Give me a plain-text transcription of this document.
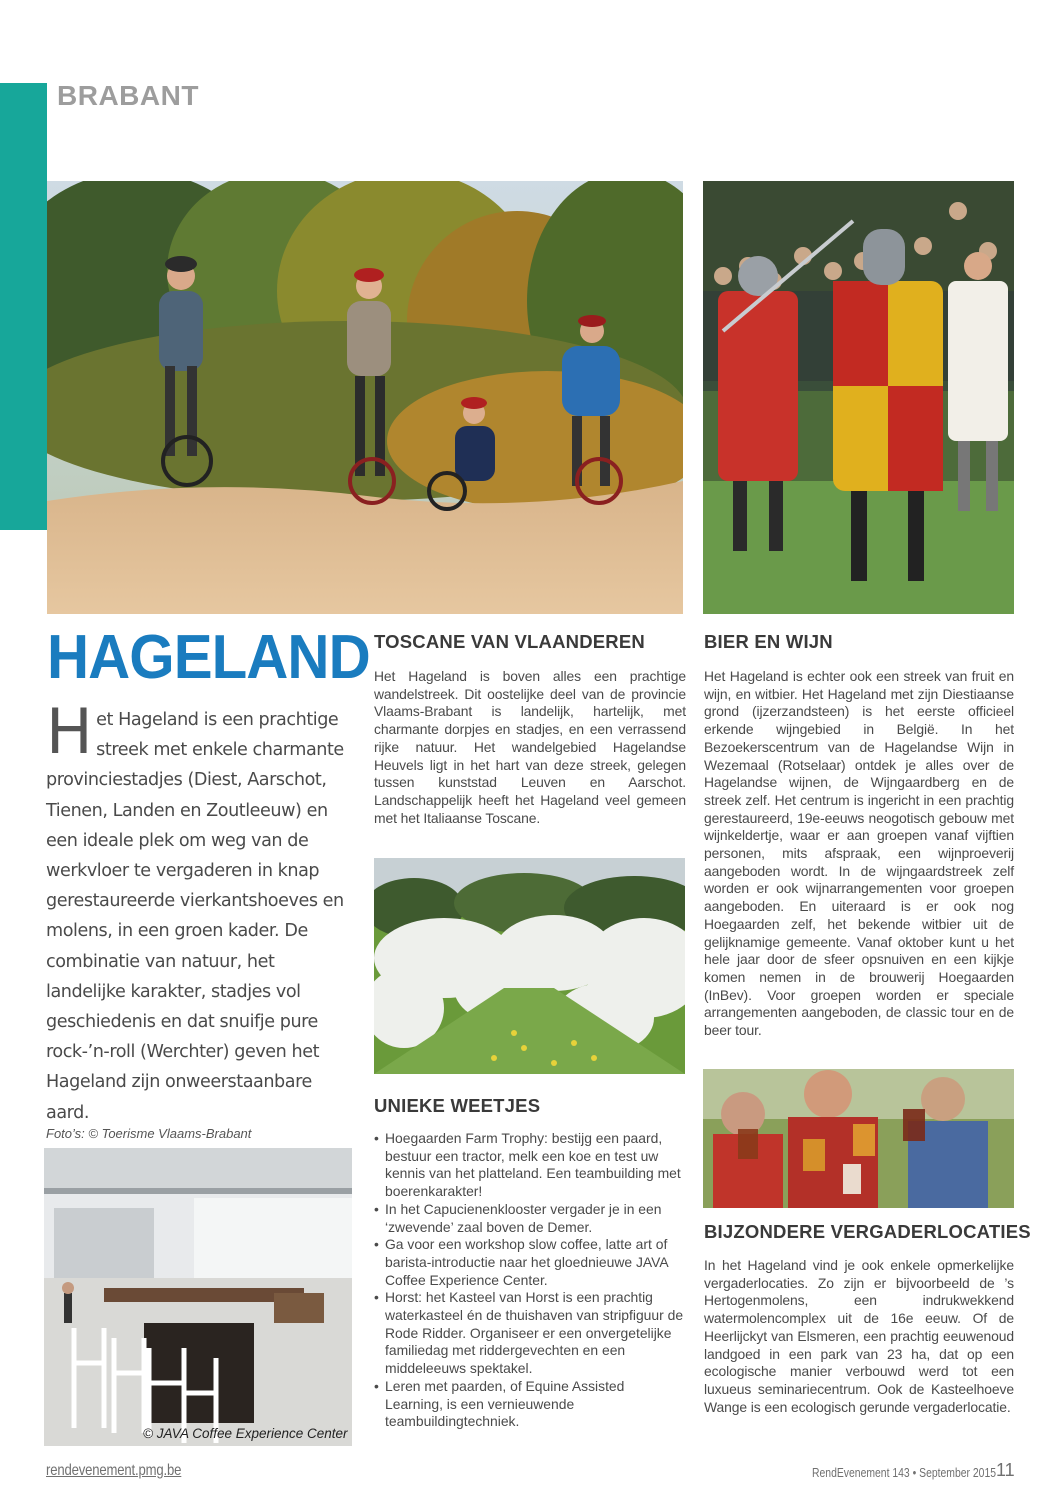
BRABANT
HAGELAND
Het Hageland is een prachtige streek met enkele charmante provinciestadjes (Diest, Aarschot, Tienen, Landen en Zoutleeuw) en een ideale plek om weg van de werkvloer te vergaderen in knap gerestaureerde vierkantshoeves en molens, in een groen kader. De combinatie van natuur, het landelijke karakter, stadjes vol geschiedenis en dat snuifje pure rock-’n-roll (Werchter) geven het Hageland zijn onweerstaanbare aard.
Foto’s: © Toerisme Vlaams-Brabant
© JAVA Coffee Experience Center
TOSCANE VAN VLAANDEREN
Het Hageland is boven alles een prachtige wandelstreek. Dit oostelijke deel van de provincie Vlaams-Brabant is landelijk, hartelijk, met charmante dorpjes en stadjes, en een verrassend rijke natuur. Het wandelgebied Hagelandse Heuvels ligt in het hart van deze streek, gelegen tussen kunststad Leuven en Aarschot. Landschappelijk heeft het Hageland veel gemeen met het Italiaanse Toscane.
UNIEKE WEETJES
• Hoegaarden Farm Trophy: bestijg een paard, bestuur een tractor, melk een koe en test uw kennis van het platteland. Een teambuilding met boerenkarakter!
• In het Capucienenklooster vergader je in een ‘zwevende’ zaal boven de Demer.
• Ga voor een workshop slow coffee, latte art of barista-introductie naar het gloednieuwe JAVA Coffee Experience Center.
• Horst: het Kasteel van Horst is een prachtig waterkasteel én de thuishaven van stripfiguur de Rode Ridder. Organiseer er een onvergetelijke familiedag met riddergevechten en een middeleeuws spektakel.
• Leren met paarden, of Equine Assisted Learning, is een vernieuwende teambuildingtechniek.
BIER EN WIJN
Het Hageland is echter ook een streek van fruit en wijn, en witbier. Het Hageland met zijn Diestiaanse grond (ijzerzandsteen) is het eerste officieel erkende wijngebied in België. In het Bezoekerscentrum van de Hagelandse Wijn in Wezemaal (Rotselaar) ontdek je alles over de Hagelandse wijnen, de Wijngaardberg en de streek zelf. Het centrum is ingericht in een prachtig gerestaureerd, 19e-eeuws neogotisch gebouw met wijnkeldertje, waar er aan groepen vanaf vijftien personen, mits afspraak, een wijnproeverij aangeboden wordt. In de wijngaardstreek zelf worden er ook wijnarrangementen voor groepen aangeboden. En uiteraard is er ook nog Hoegaarden zelf, het bekende witbier uit de gelijknamige gemeente. Vanaf oktober kunt u het hele jaar door de sfeer opsnuiven en een kijkje komen nemen in de brouwerij Hoegaarden (InBev). Voor groepen worden er speciale arrangementen aangeboden, de classic tour en de beer tour.
BIJZONDERE VERGADERLOCATIES
In het Hageland vind je ook enkele opmerkelijke vergaderlocaties. Zo zijn er bijvoorbeeld de ’s Hertogenmolens, een indrukwekkend watermolencomplex uit de 16e eeuw. Of de Heerlijckyt van Elsmeren, een prachtig eeuwenoud landgoed in een park van 23 ha, dat op een ecologische manier verbouwd werd tot een luxueus seminariecentrum. Ook de Kasteelhoeve Wange is een ecologisch gerunde vergaderlocatie.
rendevenement.pmg.be	RendEvenement 143 • September 2015 11
